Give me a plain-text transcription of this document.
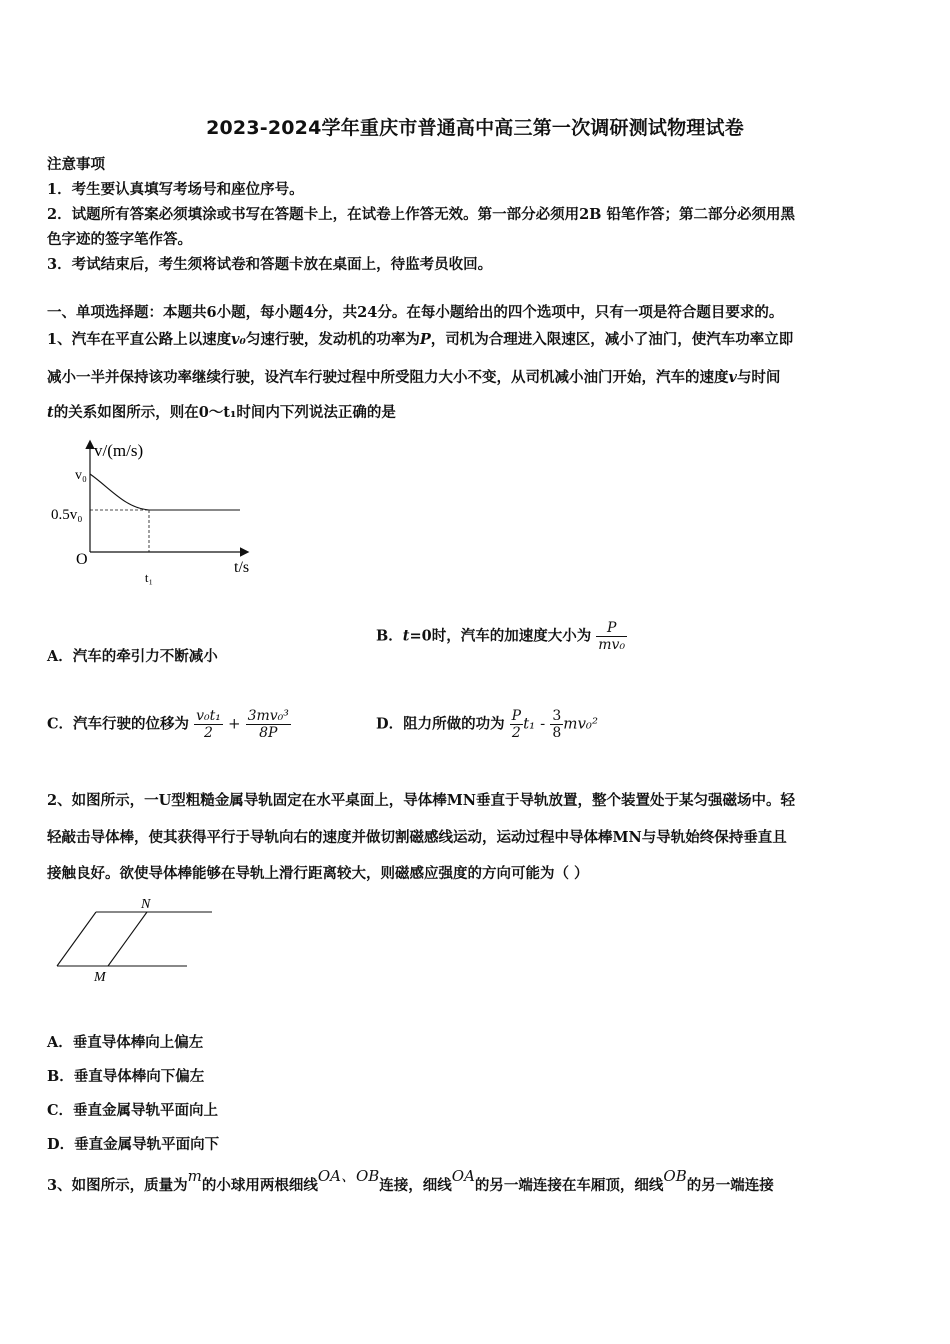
2023-2024学年重庆市普通高中高三第一次调研测试物理试卷
注意事项
1．考生要认真填写考场号和座位序号。
2．试题所有答案必须填涂或书写在答题卡上，在试卷上作答无效。第一部分必须用2B 铅笔作答；第二部分必须用黑
色字迹的签字笔作答。
3．考试结束后，考生须将试卷和答题卡放在桌面上，待监考员收回。
一、单项选择题：本题共6小题，每小题4分，共24分。在每小题给出的四个选项中，只有一项是符合题目要求的。
1、汽车在平直公路上以速度v₀匀速行驶，发动机的功率为P，司机为合理进入限速区，减小了油门，使汽车功率立即
减小一半并保持该功率继续行驶，设汽车行驶过程中所受阻力大小不变，从司机减小油门开始，汽车的速度v与时间
t的关系如图所示，则在0～t₁时间内下列说法正确的是
v/(m/s)
v₀
0.5v₀
O	t/s
t₁
A．汽车的牵引力不断减小
B．t=0时，汽车的加速度大小为 $\frac{P}{\text{mv₀}}$
C．汽车行驶的位移为 $\frac{\text{v₀t₁}}{2} + \frac{\text{3mv₀³}}{8P}$	D．阻力所做的功为 $\frac{P}{2} t_1 - \frac{3}{8} mv_0^2$
2、如图所示，一U型粗糙金属导轨固定在水平桌面上，导体棒MN垂直于导轨放置，整个装置处于某匀强磁场中。轻
轻敲击导体棒，使其获得平行于导轨向右的速度并做切割磁感线运动，运动过程中导体棒MN与导轨始终保持垂直且
接触良好。欲使导体棒能够在导轨上滑行距离较大，则磁感应强度的方向可能为（ ）
N
M
A．垂直导体棒向上偏左
B．垂直导体棒向下偏左
C．垂直金属导轨平面向上
D．垂直金属导轨平面向下
3、如图所示，质量为m的小球用两根细线OA、OB连接，细线OA的另一端连接在车厢顶，细线OB的另一端连接
